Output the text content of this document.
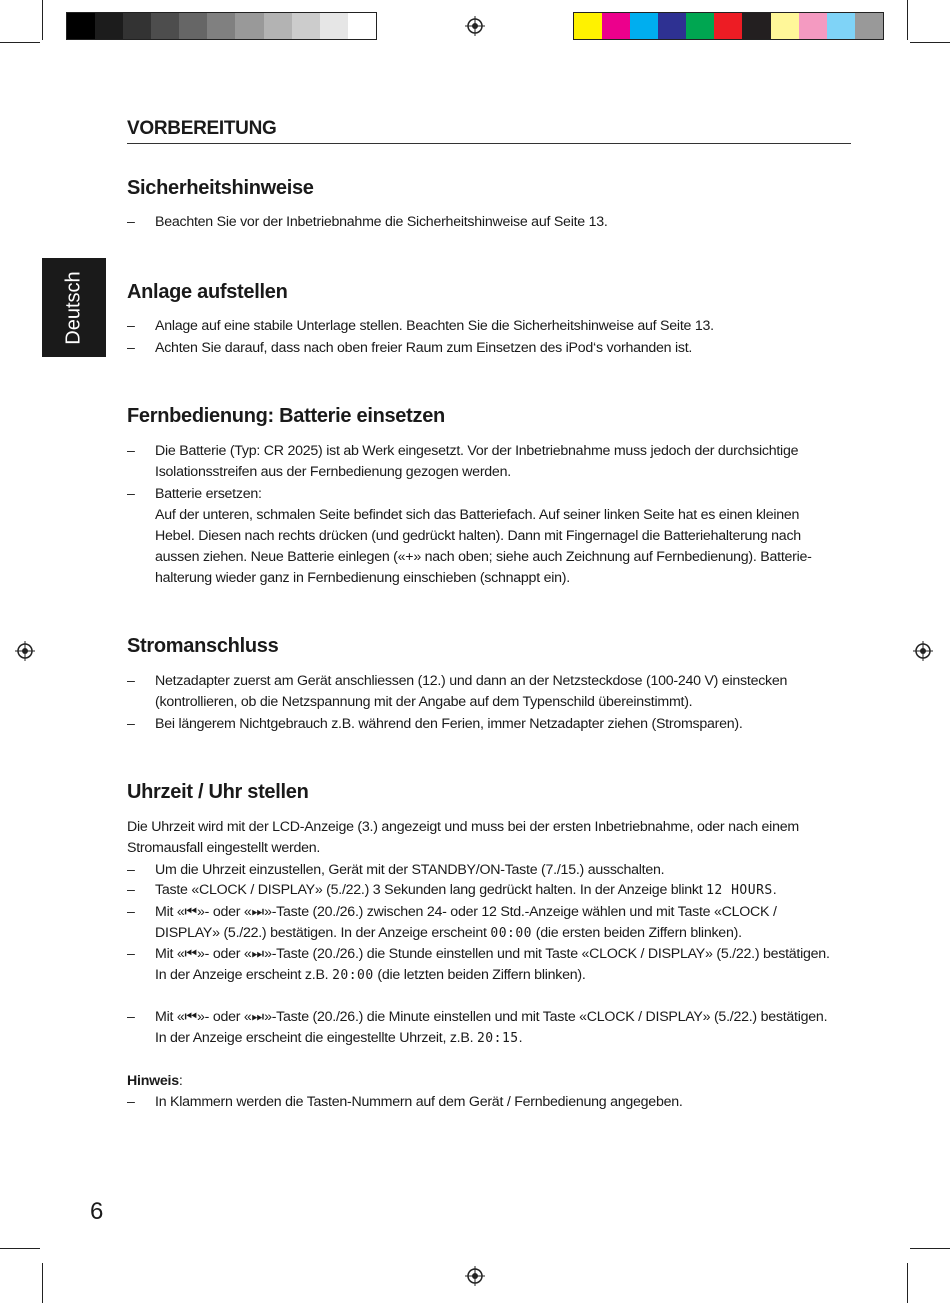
Deutsch
VORBEREITUNG
Sicherheitshinweise
– Beachten Sie vor der Inbetriebnahme die Sicherheitshinweise auf Seite 13.
Anlage aufstellen
– Anlage auf eine stabile Unterlage stellen. Beachten Sie die Sicherheitshinweise auf Seite 13.
– Achten Sie darauf, dass nach oben freier Raum zum Einsetzen des iPod‘s vorhanden ist.
Fernbedienung: Batterie einsetzen
– Die Batterie (Typ: CR 2025) ist ab Werk eingesetzt. Vor der Inbetriebnahme muss jedoch der durchsichtige Isolationsstreifen aus der Fernbedienung gezogen werden.
– Batterie ersetzen:
Auf der unteren, schmalen Seite befindet sich das Batteriefach. Auf seiner linken Seite hat es einen kleinen Hebel. Diesen nach rechts drücken (und gedrückt halten). Dann mit Fingernagel die Batteriehalterung nach aussen ziehen. Neue Batterie einlegen («+» nach oben; siehe auch Zeichnung auf Fernbedienung). Batterie-halterung wieder ganz in Fernbedienung einschieben (schnappt ein).
Stromanschluss
– Netzadapter zuerst am Gerät anschliessen (12.) und dann an der Netzsteckdose (100-240 V) einstecken (kontrollieren, ob die Netzspannung mit der Angabe auf dem Typenschild übereinstimmt).
– Bei längerem Nichtgebrauch z.B. während den Ferien, immer Netzadapter ziehen (Stromsparen).
Uhrzeit / Uhr stellen
Die Uhrzeit wird mit der LCD-Anzeige (3.) angezeigt und muss bei der ersten Inbetriebnahme, oder nach einem Stromausfall eingestellt werden.
– Um die Uhrzeit einzustellen, Gerät mit der STANDBY/ON-Taste (7./15.) ausschalten.
– Taste «CLOCK / DISPLAY» (5./22.) 3 Sekunden lang gedrückt halten. In der Anzeige blinkt 12 HOURS.
– Mit «⏮»- oder «⏭»-Taste (20./26.) zwischen 24- oder 12 Std.-Anzeige wählen und mit Taste «CLOCK / DISPLAY» (5./22.) bestätigen. In der Anzeige erscheint 00:00 (die ersten beiden Ziffern blinken).
– Mit «⏮»- oder «⏭»-Taste (20./26.) die Stunde einstellen und mit Taste «CLOCK / DISPLAY» (5./22.) bestätigen.
In der Anzeige erscheint z.B. 20:00 (die letzten beiden Ziffern blinken).
– Mit «⏮»- oder «⏭»-Taste (20./26.) die Minute einstellen und mit Taste «CLOCK / DISPLAY» (5./22.) bestätigen. In der Anzeige erscheint die eingestellte Uhrzeit, z.B. 20:15.
Hinweis:
– In Klammern werden die Tasten-Nummern auf dem Gerät / Fernbedienung angegeben.
6
